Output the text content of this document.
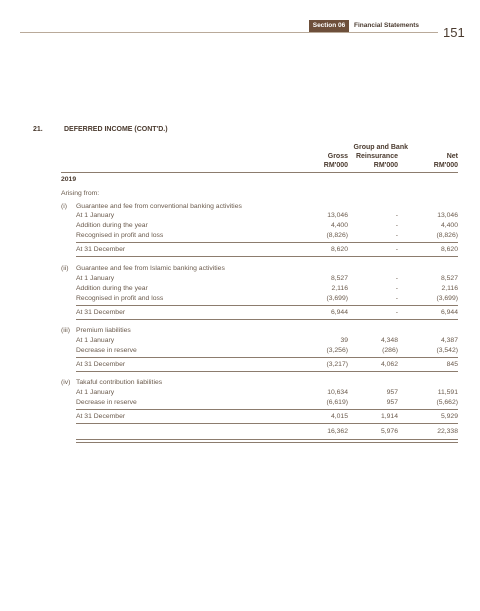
Section 06	Financial Statements 151
21.	DEFERRED INCOME (CONT'D.)
Group and Bank
Gross	Reinsurance	Net
RM'000	RM'000	RM'000
2019
Arising from:
(i) Guarantee and fee from conventional banking activities
At 1 January	13,046	-	13,046
Addition during the year	4,400	-	4,400
Recognised in profit and loss	(8,826)	-	(8,826)
At 31 December	8,620	-	8,620
(ii) Guarantee and fee from Islamic banking activities
At 1 January	8,527	-	8,527
Addition during the year	2,116	-	2,116
Recognised in profit and loss	(3,699)	-	(3,699)
At 31 December	6,944	-	6,944
(iii) Premium liabilities
At 1 January	39	4,348	4,387
Decrease in reserve	(3,256)	(286)	(3,542)
At 31 December	(3,217)	4,062	845
(iv) Takaful contribution liabilities
At 1 January	10,634	957	11,591
Decrease in reserve	(6,619)	957	(5,662)
At 31 December	4,015	1,914	5,929
16,362	5,976	22,338
